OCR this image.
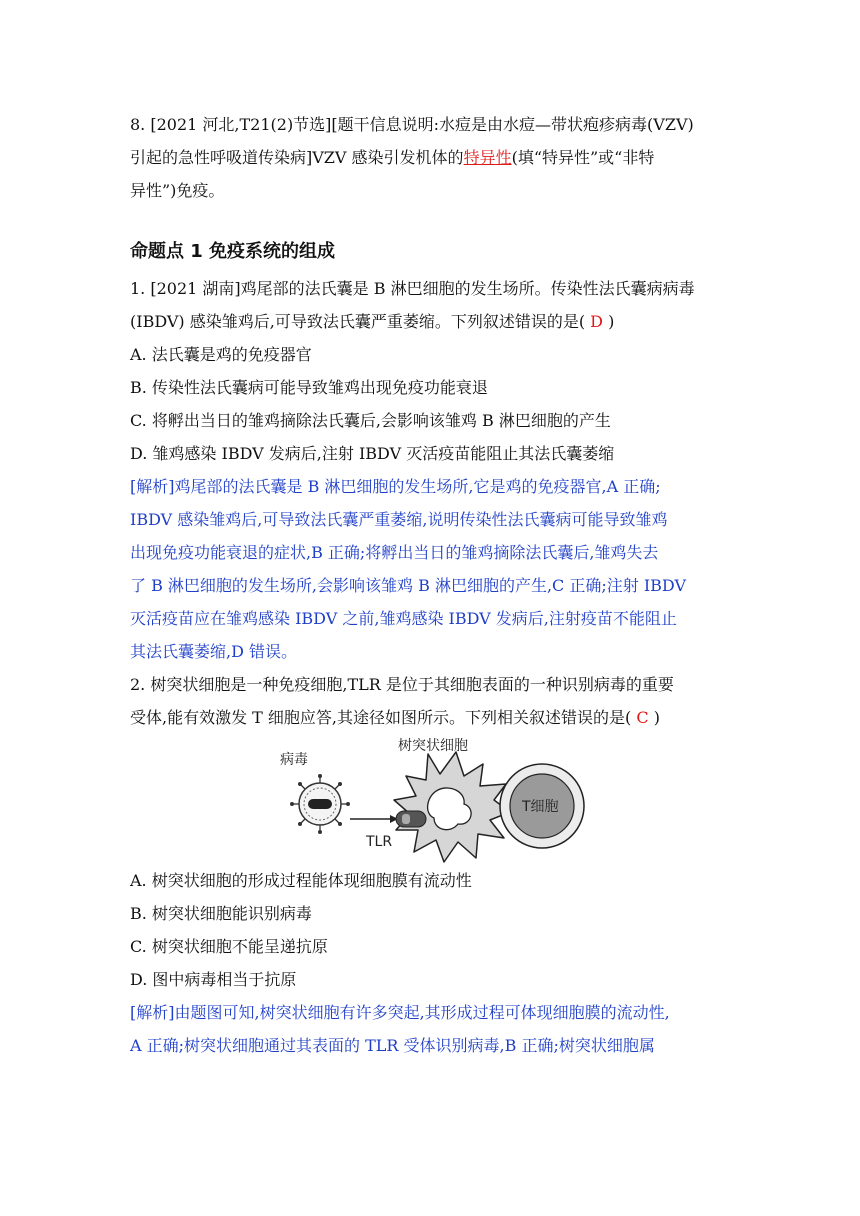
8. [2021 河北,T21(2)节选][题干信息说明:水痘是由水痘—带状疱疹病毒(VZV)
引起的急性呼吸道传染病]VZV 感染引发机体的特异性(填“特异性”或“非特
异性”)免疫。
命题点 1 免疫系统的组成
1. [2021 湖南]鸡尾部的法氏囊是 B 淋巴细胞的发生场所。传染性法氏囊病病毒
(IBDV) 感染雏鸡后,可导致法氏囊严重萎缩。下列叙述错误的是( D )
A. 法氏囊是鸡的免疫器官
B. 传染性法氏囊病可能导致雏鸡出现免疫功能衰退
C. 将孵出当日的雏鸡摘除法氏囊后,会影响该雏鸡 B 淋巴细胞的产生
D. 雏鸡感染 IBDV 发病后,注射 IBDV 灭活疫苗能阻止其法氏囊萎缩
[解析]鸡尾部的法氏囊是 B 淋巴细胞的发生场所,它是鸡的免疫器官,A 正确;
IBDV 感染雏鸡后,可导致法氏囊严重萎缩,说明传染性法氏囊病可能导致雏鸡
出现免疫功能衰退的症状,B 正确;将孵出当日的雏鸡摘除法氏囊后,雏鸡失去
了 B 淋巴细胞的发生场所,会影响该雏鸡 B 淋巴细胞的产生,C 正确;注射 IBDV
灭活疫苗应在雏鸡感染 IBDV 之前,雏鸡感染 IBDV 发病后,注射疫苗不能阻止
其法氏囊萎缩,D 错误。
2. 树突状细胞是一种免疫细胞,TLR 是位于其细胞表面的一种识别病毒的重要
受体,能有效激发 T 细胞应答,其途径如图所示。下列相关叙述错误的是( C )
病毒
树突状细胞
TLR
T细胞
A. 树突状细胞的形成过程能体现细胞膜有流动性
B. 树突状细胞能识别病毒
C. 树突状细胞不能呈递抗原
D. 图中病毒相当于抗原
[解析]由题图可知,树突状细胞有许多突起,其形成过程可体现细胞膜的流动性,
A 正确;树突状细胞通过其表面的 TLR 受体识别病毒,B 正确;树突状细胞属
